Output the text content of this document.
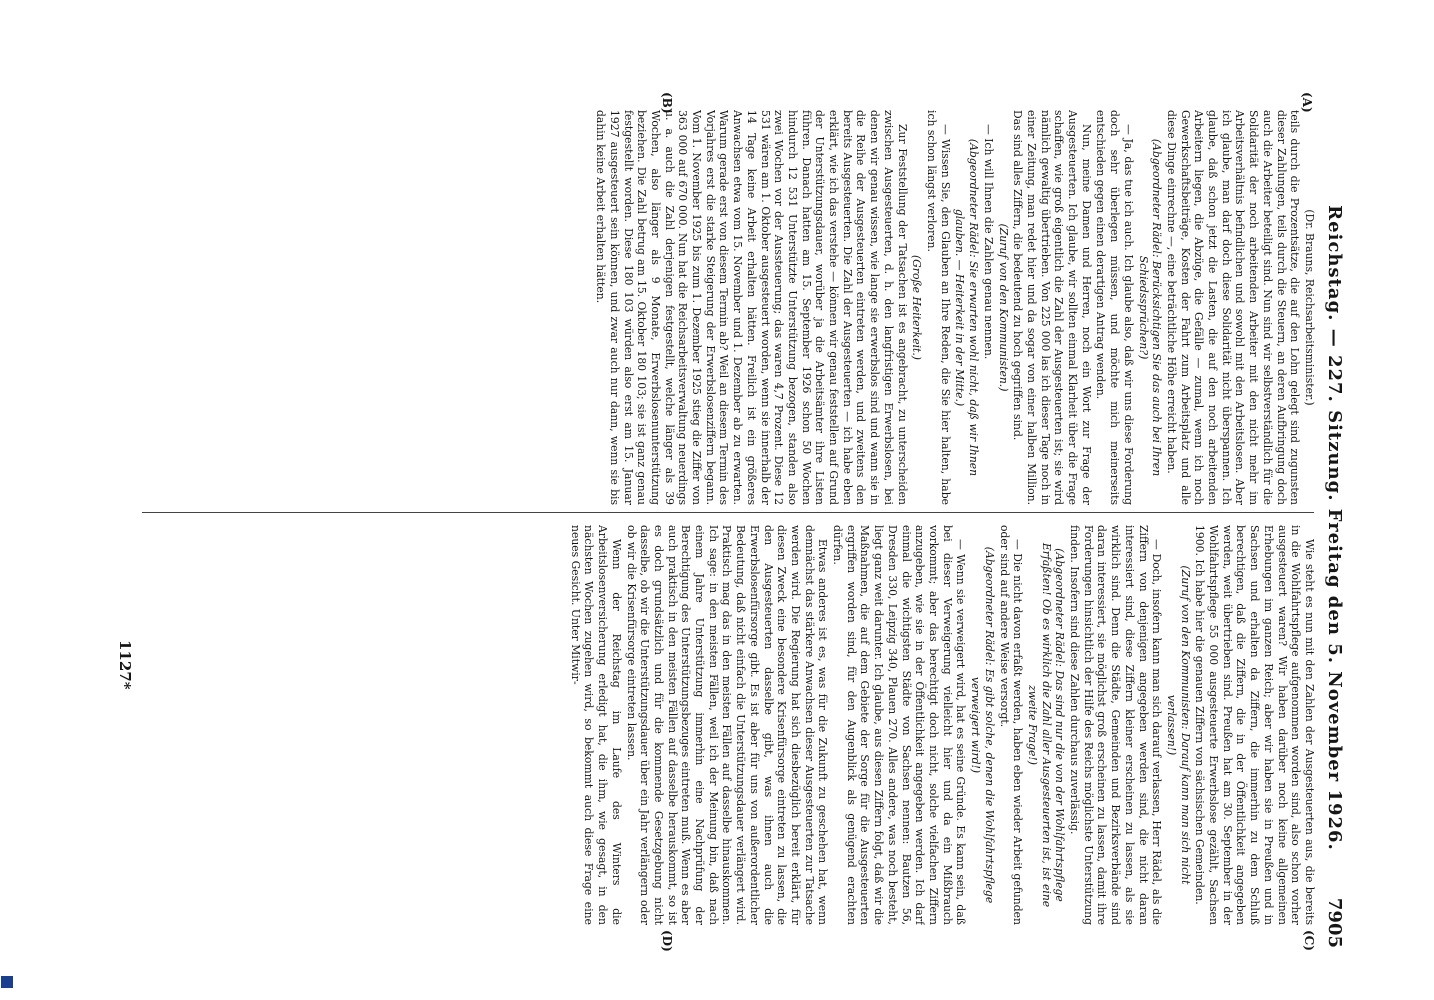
Reichstag. — 227. Sitzung. Freitag den 5. November 1926.
7905
(A)
(B)
(C)
(D)

(Dr. Brauns, Reichsarbeitsminister.)

teils durch die Prozentsätze, die auf den Lohn gelegt sind zugunsten dieser Zahlungen, teils durch die Steuern, an deren Aufbringung doch auch die Arbeiter beteiligt sind. Nun sind wir selbstverständlich für die Solidarität der noch arbeitenden Arbeiter mit den nicht mehr im Arbeitsverhältnis befindlichen und sowohl mit den Arbeitslosen. Aber ich glaube, man darf doch diese Solidarität nicht überspannen. Ich glaube, daß schon jetzt die Lasten, die auf den noch arbeitenden Arbeitern liegen, die Abzüge, die Gefälle — zumal, wenn ich noch Gewerkschaftsbeiträge, Kosten der Fahrt zum Arbeitsplatz und alle diese Dinge einrechne —, eine beträchtliche Höhe erreicht haben.

(Abgeordneter Rädel: Berücksichtigen Sie das auch bei Ihren Schiedssprüchen?)

— Ja, das tue ich auch. Ich glaube also, daß wir uns diese Forderung doch sehr überlegen müssen, und möchte mich meinerseits entschieden gegen einen derartigen Antrag wenden.

Nun, meine Damen und Herren, noch ein Wort zur Frage der Ausgesteuerten. Ich glaube, wir sollten einmal Klarheit über die Frage schaffen, wie groß eigentlich die Zahl der Ausgesteuerten ist; sie wird nämlich gewaltig übertrieben. Von 225 000 las ich dieser Tage noch in einer Zeitung, man redet hier und da sogar von einer halben Million. Das sind alles Ziffern, die bedeutend zu hoch gegriffen sind.

(Zuruf von den Kommunisten.)

— Ich will Ihnen die Zahlen genau nennen.

(Abgeordneter Rädel: Sie erwarten wohl nicht, daß wir Ihnen glauben. — Heiterkeit in der Mitte.)

— Wissen Sie, den Glauben an Ihre Reden, die Sie hier halten, habe ich schon längst verloren.

(Große Heiterkeit.)

Zur Feststellung der Tatsachen ist es angebracht, zu unterscheiden zwischen Ausgesteuerten, d. h. den langfristigen Erwerbslosen, bei denen wir genau wissen, wie lange sie erwerbslos sind und wann sie in die Reihe der Ausgesteuerten eintreten werden, und zweitens den bereits Ausgesteuerten. Die Zahl der Ausgesteuerten — ich habe eben erklärt, wie ich das verstehe — können wir genau feststellen auf Grund der Unterstützungsdauer, worüber ja die Arbeitsämter ihre Listen führen. Danach hatten am 15. September 1926 schon 50 Wochen hindurch 12 531 Unterstützte Unterstützung bezogen, standen also zwei Wochen vor der Aussteuerung; das waren 4,7 Prozent. Diese 12 531 wären am 1. Oktober ausgesteuert worden, wenn sie innerhalb der 14 Tage keine Arbeit erhalten hätten. Freilich ist ein größeres Anwachsen etwa vom 15. November und 1. Dezember ab zu erwarten. Warum gerade erst von diesem Termin ab? Weil an diesem Termin des Vorjahres erst die starke Steigerung der Erwerbslosenziffern begann. Vom 1. November 1925 bis zum 1. Dezember 1925 stieg die Ziffer von 363 000 auf 670 000. Nun hat die Reichsarbeitsverwaltung neuerdings u. a. auch die Zahl derjenigen festgestellt, welche länger als 39 Wochen, also länger als 9 Monate, Erwerbslosenunterstützung beziehen. Die Zahl betrug am 15. Oktober 180 103; sie ist ganz genau festgestellt worden. Diese 180 103 würden also erst am 15. Januar 1927 ausgesteuert sein können, und zwar auch nur dann, wenn sie bis dahin keine Arbeit erhalten hätten.

Wie steht es nun mit den Zahlen der Ausgesteuerten aus, die bereits in die Wohlfahrtspflege aufgenommen worden sind, also schon vorher ausgesteuert waren? Wir haben darüber noch keine allgemeinen Erhebungen im ganzen Reich; aber wir haben sie in Preußen und in Sachsen und erhalten da Ziffern, die immerhin zu dem Schluß berechtigen, daß die Ziffern, die in der Öffentlichkeit angegeben werden, weit übertrieben sind. Preußen hat am 30. September in der Wohlfahrtspflege 55 000 ausgesteuerte Erwerbslose gezählt, Sachsen 1900. Ich habe hier die genauen Ziffern von sächsischen Gemeinden.

(Zuruf von den Kommunisten: Darauf kann man sich nicht verlassen!)

— Doch, insofern kann man sich darauf verlassen, Herr Rädel, als die Ziffern von denjenigen angegeben werden sind, die nicht daran interessiert sind, diese Ziffern kleiner erscheinen zu lassen, als sie wirklich sind. Denn die Städte, Gemeinden und Bezirksverbände sind daran interessiert, sie möglichst groß erscheinen zu lassen, damit ihre Forderungen hinsichtlich der Hilfe des Reichs möglichste Unterstützung finden. Insofern sind diese Zahlen durchaus zuverlässig.

(Abgeordneter Rädel: Das sind nur die von der Wohlfahrtspflege Erfaßten! Ob es wirklich die Zahl aller Ausgesteuerten ist, ist eine zweite Frage!)

— Die nicht davon erfaßt werden, haben eben wieder Arbeit gefunden oder sind auf andere Weise versorgt.

(Abgeordneter Rädel: Es gibt solche, denen die Wohlfahrtspflege verweigert wird!)

— Wenn sie verweigert wird, hat es seine Gründe. Es kann sein, daß bei dieser Verweigerung vielleicht hier und da ein Mißbrauch vorkommt; aber das berechtigt doch nicht, solche vielfachen Ziffern anzugeben, wie sie in der Öffentlichkeit angegeben werden. Ich darf einmal die wichtigsten Städte von Sachsen nennen: Bautzen 56, Dresden 330, Leipzig 340, Plauen 270. Alles andere, was noch besteht, liegt ganz weit darunter. Ich glaube, aus diesen Ziffern folgt, daß wir die Maßnahmen, die auf dem Gebiete der Sorge für die Ausgesteuerten ergriffen worden sind, für den Augenblick als genügend erachten dürfen.

Etwas anderes ist es, was für die Zukunft zu geschehen hat, wenn demnächst das stärkere Anwachsen dieser Ausgesteuerten zur Tatsache werden wird. Die Regierung hat sich diesbezüglich bereit erklärt, für diesen Zweck eine besondere Krisenfürsorge eintreten zu lassen, die den Ausgesteuerten dasselbe gibt, was ihnen auch die Erwerbslosenfürsorge gibt. Es ist aber für uns von außerordentlicher Bedeutung, daß nicht einfach die Unterstützungsdauer verlängert wird. Praktisch mag das in den meisten Fällen auf dasselbe hinauskommen. Ich sage: in den meisten Fällen, weil ich der Meinung bin, daß nach einem Jahre Unterstützung immerhin eine Nachprüfung der Berechtigung des Unterstützungsbezuges eintreten muß. Wenn es aber auch praktisch in den meisten Fällen auf dasselbe herauskommt, so ist es doch grundsätzlich und für die kommende Gesetzgebung nicht dasselbe, ob wir die Unterstützungsdauer über ein Jahr verlängern oder ob wir die Krisenfürsorge eintreten lassen.

Wenn der Reichstag im Laufe des Winters die Arbeitslosenversicherung erledigt hat, die ihm, wie gesagt, in den nächsten Wochen zugehen wird, so bekommt auch diese Frage eine neues Gesicht. Unter Mitwir-

1127*
